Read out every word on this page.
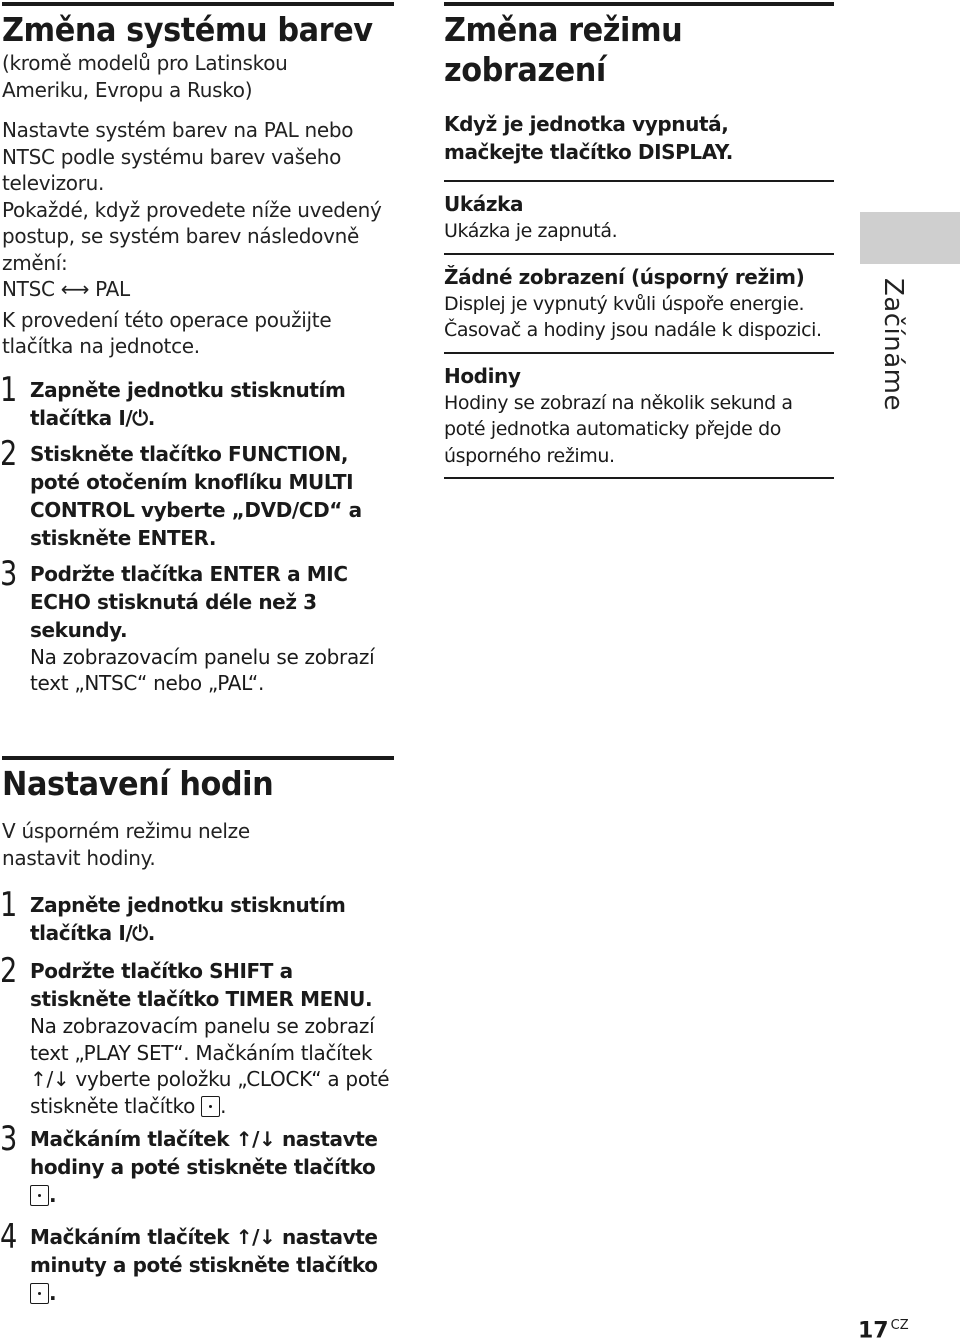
Změna systému barev

(kromě modelů pro Latinskou Ameriku, Evropu a Rusko)

Nastavte systém barev na PAL nebo NTSC podle systému barev vašeho televizoru.

Pokaždé, když provedete níže uvedený postup, se systém barev následovně změní:

NTSC ⟷ PAL

K provedení této operace použijte tlačítka na jednotce.

1 Zapněte jednotku stisknutím tlačítka I/⏻.

2 Stiskněte tlačítko FUNCTION, poté otočením knoflíku MULTI CONTROL vyberte „DVD/CD“ a stiskněte ENTER.

3 Podržte tlačítka ENTER a MIC ECHO stisknutá déle než 3 sekundy.

Na zobrazovacím panelu se zobrazí text „NTSC“ nebo „PAL“.

Nastavení hodin

V úsporném režimu nelze nastavit hodiny.

1 Zapněte jednotku stisknutím tlačítka I/⏻.

2 Podržte tlačítko SHIFT a stiskněte tlačítko TIMER MENU.

Na zobrazovacím panelu se zobrazí text „PLAY SET“. Mačkáním tlačítek ↑/↓ vyberte položku „CLOCK“ a poté stiskněte tlačítko .

3 Mačkáním tlačítek ↑/↓ nastavte hodiny a poté stiskněte tlačítko .

4 Mačkáním tlačítek ↑/↓ nastavte minuty a poté stiskněte tlačítko .

Změna režimu zobrazení

Když je jednotka vypnutá, mačkejte tlačítko DISPLAY.

Ukázka

Ukázka je zapnutá.

Žádné zobrazení (úsporný režim)

Displej je vypnutý kvůli úspoře energie. Časovač a hodiny jsou nadále k dispozici.

Hodiny

Hodiny se zobrazí na několik sekund a poté jednotka automaticky přejde do úsporného režimu.

Začínáme
17 $^{CZ}$
